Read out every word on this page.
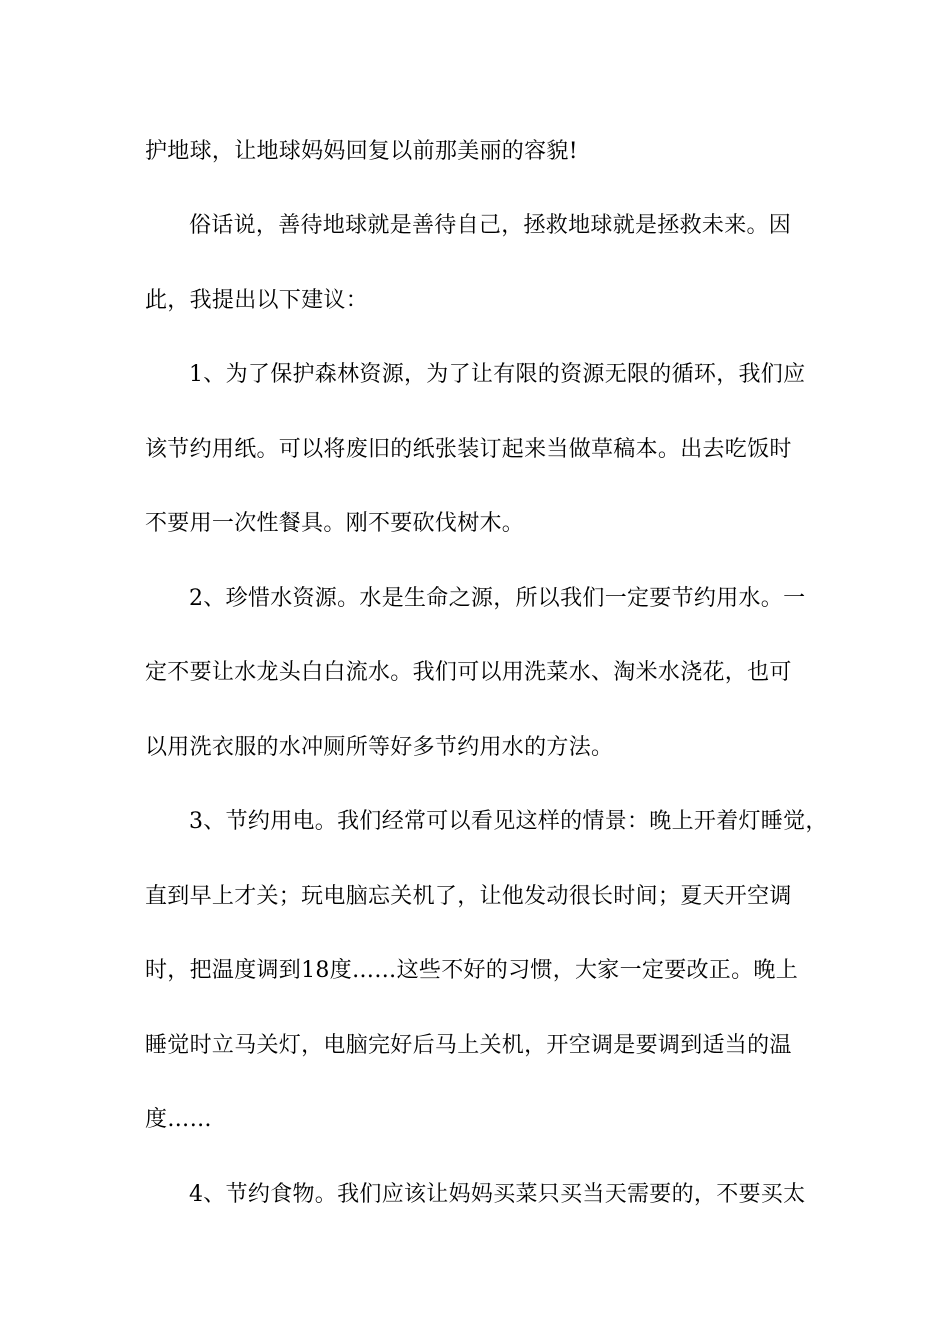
护地球，让地球妈妈回复以前那美丽的容貌!
俗话说，善待地球就是善待自己，拯救地球就是拯救未来。因
此，我提出以下建议：
1、为了保护森林资源，为了让有限的资源无限的循环，我们应
该节约用纸。可以将废旧的纸张装订起来当做草稿本。出去吃饭时
不要用一次性餐具。刚不要砍伐树木。
2、珍惜水资源。水是生命之源，所以我们一定要节约用水。一
定不要让水龙头白白流水。我们可以用洗菜水、淘米水浇花，也可
以用洗衣服的水冲厕所等好多节约用水的方法。
3、节约用电。我们经常可以看见这样的情景：晚上开着灯睡觉，
直到早上才关；玩电脑忘关机了，让他发动很长时间；夏天开空调
时，把温度调到18度……这些不好的习惯，大家一定要改正。晚上
睡觉时立马关灯，电脑完好后马上关机，开空调是要调到适当的温
度……
4、节约食物。我们应该让妈妈买菜只买当天需要的，不要买太
